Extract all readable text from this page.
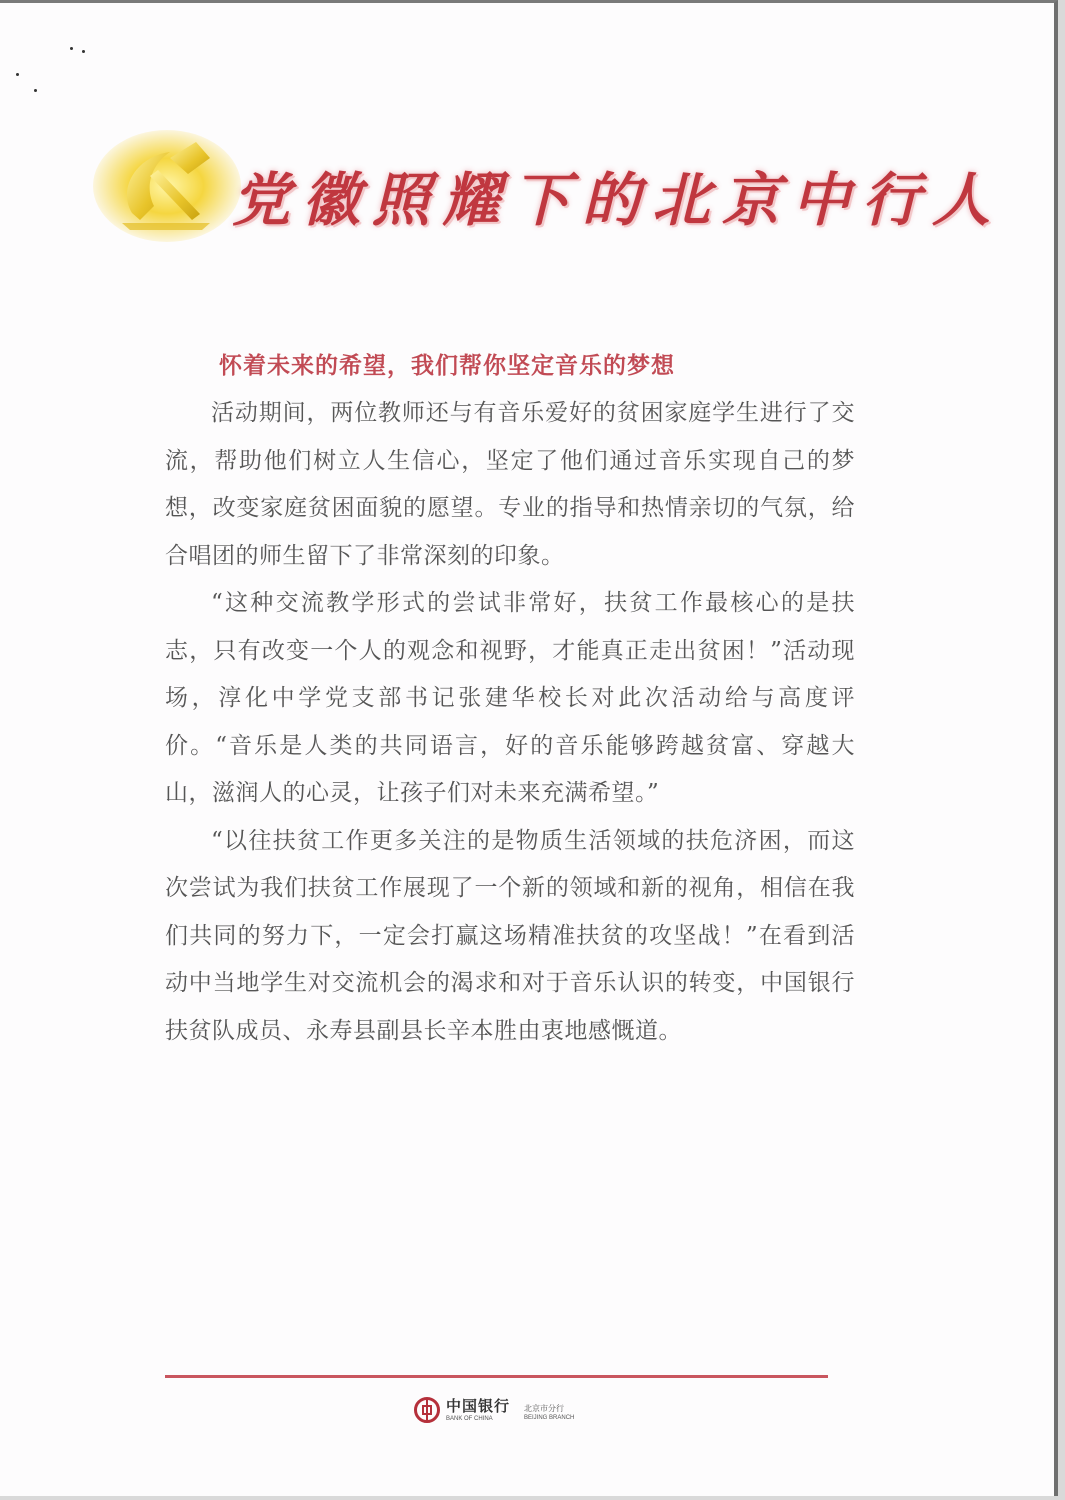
党徽照耀下的北京中行人
怀着未来的希望，我们帮你坚定音乐的梦想

活动期间，两位教师还与有音乐爱好的贫困家庭学生进行了交流，帮助他们树立人生信心，坚定了他们通过音乐实现自己的梦想，改变家庭贫困面貌的愿望。专业的指导和热情亲切的气氛，给合唱团的师生留下了非常深刻的印象。

“这种交流教学形式的尝试非常好，扶贫工作最核心的是扶志，只有改变一个人的观念和视野，才能真正走出贫困！”活动现场，淳化中学党支部书记张建华校长对此次活动给与高度评价。“音乐是人类的共同语言，好的音乐能够跨越贫富、穿越大山，滋润人的心灵，让孩子们对未来充满希望。”

“以往扶贫工作更多关注的是物质生活领域的扶危济困，而这次尝试为我们扶贫工作展现了一个新的领域和新的视角，相信在我们共同的努力下，一定会打赢这场精准扶贫的攻坚战！”在看到活动中当地学生对交流机会的渴求和对于音乐认识的转变，中国银行扶贫队成员、永寿县副县长辛本胜由衷地感慨道。

中国银行
BANK OF CHINA
北京市分行
BEIJING BRANCH
